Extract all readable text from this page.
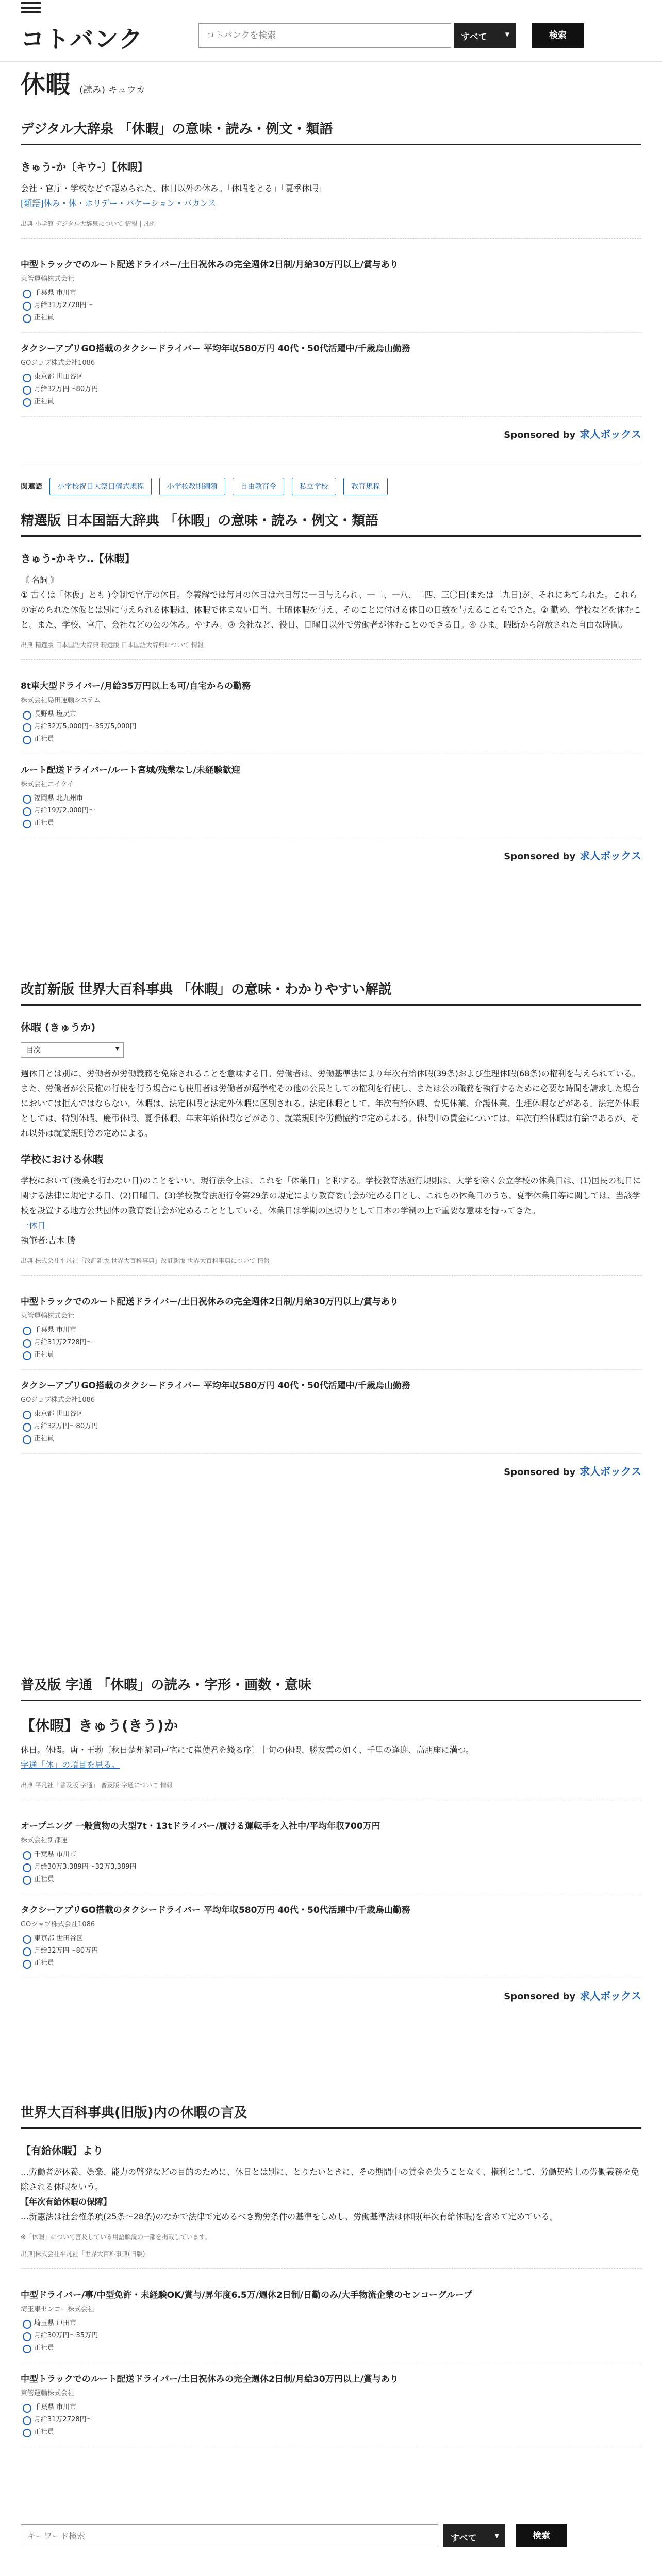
コトバンク
コトバンクを検索	すべて ▾	検索
休暇 (読み) キュウカ
デジタル大辞泉 「休暇」の意味・読み・例文・類語
きゅう‐か〔キウ‐〕【休暇】
会社・官庁・学校などで認められた、休日以外の休み。「休暇をとる」「夏季休暇」
[類語]休み・休・ホリデー・バケーション・バカンス
出典 小学館 デジタル大辞泉について 情報 | 凡例
中型トラックでのルート配送ドライバー/土日祝休みの完全週休2日制/月給30万円以上/賞与あり
東管運輸株式会社
千葉県 市川市
月給31万2728円〜
正社員
タクシーアプリGO搭載のタクシードライバー 平均年収580万円 40代・50代活躍中/千歳烏山勤務
GOジョブ株式会社1086
東京都 世田谷区
月給32万円〜80万円
正社員
Sponsored by 求人ボックス
関連語 小学校祝日大祭日儀式規程	小学校教則綱領	自由教育令	私立学校	教育規程
精選版 日本国語大辞典 「休暇」の意味・読み・例文・類語
きゅう‐かキウ‥【休暇】
〘 名詞 〙
① 古くは「休仮」とも )令制で官庁の休日。令義解では毎月の休日は六日毎に一日与えられ、一二、一八、二四、三〇日(または二九日)が、それにあてられた。これらの定められた休仮とは別に与えられる休暇は、休暇で休まない日当、土曜休暇を与え、そのことに付ける休日の日数を与えることもできた。② 勤め、学校などを休むこと。また、学校、官庁、会社などの公の休み。やすみ。③ 会社など、役目、日曜日以外で労働者が休むことのできる日。④ ひま。暇断から解放された自由な時間。
出典 精選版 日本国語大辞典 精選版 日本国語大辞典について 情報
8t車大型ドライバー/月給35万円以上も可/自宅からの勤務
株式会社島田運輸システム
長野県 塩尻市
月給32万5,000円〜35万5,000円
正社員
ルート配送ドライバー/ルート宮城/残業なし/未経験歓迎
株式会社エイケイ
福岡県 北九州市
月給19万2,000円〜
正社員
Sponsored by 求人ボックス
改訂新版 世界大百科事典 「休暇」の意味・わかりやすい解説
休暇 (きゅうか)
目次 ▾
週休日とは別に、労働者が労働義務を免除されることを意味する日。労働者は、労働基準法により年次有給休暇(39条)および生理休暇(68条)の権利を与えられている。また、労働者が公民権の行使を行う場合にも使用者は労働者が選挙権その他の公民としての権利を行使し、または公の職務を執行するために必要な時間を請求した場合においては拒んではならない。休暇は、法定休暇と法定外休暇に区別される。法定休暇として、年次有給休暇、育児休業、介護休業、生理休暇などがある。法定外休暇としては、特別休暇、慶弔休暇、夏季休暇、年末年始休暇などがあり、就業規則や労働協約で定められる。休暇中の賃金については、年次有給休暇は有給であるが、それ以外は就業規則等の定めによる。
学校における休暇
学校において(授業を行わない日)のことをいい、現行法令上は、これを「休業日」と称する。学校教育法施行規則は、大学を除く公立学校の休業日は、(1)国民の祝日に関する法律に規定する日、(2)日曜日、(3)学校教育法施行令第29条の規定により教育委員会が定める日とし、これらの休業日のうち、夏季休業日等に関しては、当該学校を設置する地方公共団体の教育委員会が定めることとしている。休業日は学期の区切りとして日本の学制の上で重要な意味を持ってきた。
一休日
執筆者:吉本 勝
出典 株式会社平凡社「改訂新版 世界大百科事典」改訂新版 世界大百科事典について 情報
中型トラックでのルート配送ドライバー/土日祝休みの完全週休2日制/月給30万円以上/賞与あり
東管運輸株式会社
千葉県 市川市
月給31万2728円〜
正社員
タクシーアプリGO搭載のタクシードライバー 平均年収580万円 40代・50代活躍中/千歳烏山勤務
GOジョブ株式会社1086
東京都 世田谷区
月給32万円〜80万円
正社員
Sponsored by 求人ボックス
普及版 字通 「休暇」の読み・字形・画数・意味
【休暇】きゅう(きう)か
休日。休暇。唐・王勃〔秋日楚州郝司戸宅にて崔使君を餞る序〕十旬の休暇、勝友雲の如く、千里の逢迎、高朋座に満つ。
字通「休」の項目を見る。
出典 平凡社「普及版 字通」 普及版 字通について 情報
オープニング 一般貨物の大型7t・13tドライバー/履ける運転手を入社中/平均年収700万円
株式会社新都運
千葉県 市川市
月給30万3,389円〜32万3,389円
正社員
タクシーアプリGO搭載のタクシードライバー 平均年収580万円 40代・50代活躍中/千歳烏山勤務
GOジョブ株式会社1086
東京都 世田谷区
月給32万円〜80万円
正社員
Sponsored by 求人ボックス
世界大百科事典(旧版)内の休暇の言及
【有給休暇】より
…労働者が休養、娯楽、能力の啓発などの目的のために、休日とは別に、とりたいときに、その期間中の賃金を失うことなく、権利として、労働契約上の労働義務を免除される休暇をいう。
【年次有給休暇の保障】
…新憲法は社会権条項(25条〜28条)のなかで法律で定めるべき勤労条件の基準をしめし、労働基準法は休暇(年次有給休暇)を含めて定めている。
※「休暇」について言及している用語解説の一部を掲載しています。
出典|株式会社平凡社「世界大百科事典(旧版)」
中型ドライバー/事/中型免許・未経験OK/賞与/昇年度6.5万/週休2日制/日勤のみ/大手物流企業のセンコーグループ
埼玉東センコー株式会社
埼玉県 戸田市
月給30万円〜35万円
正社員
中型トラックでのルート配送ドライバー/土日祝休みの完全週休2日制/月給30万円以上/賞与あり
東管運輸株式会社
千葉県 市川市
月給31万2728円〜
正社員
キーワード検索
すべて ▾	検索
